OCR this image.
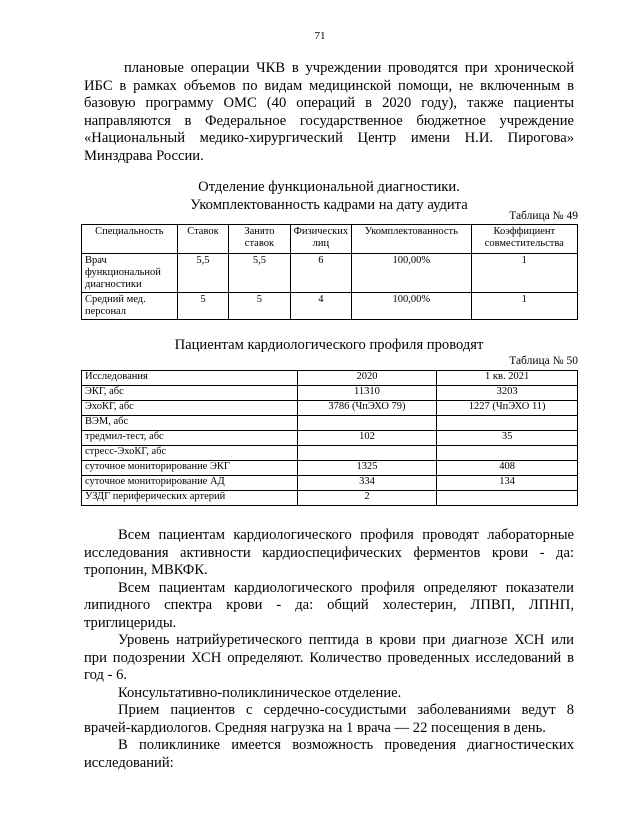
71
плановые операции ЧКВ в учреждении проводятся при хронической ИБС в рамках объемов по видам медицинской помощи, не включенным в базовую программу ОМС (40 операций в 2020 году), также пациенты направляются в Федеральное государственное бюджетное учреждение «Национальный медико-хирургический Центр имени Н.И. Пирогова» Минздрава России.
Отделение функциональной диагностики.
Укомплектованность кадрами на дату аудита
Таблица № 49
Специальность	Ставок	Занято ставок	Физических лиц	Укомплектованность	Коэффициент совместительства
Врач функциональной диагностики	5,5	5,5	6	100,00%	1
Средний мед. персонал	5	5	4	100,00%	1
Пациентам кардиологического профиля проводят
Таблица № 50
Исследования	2020	1 кв. 2021
ЭКГ, абс	11310	3203
ЭхоКГ, абс	3786 (ЧпЭХО 79)	1227 (ЧпЭХО 11)
ВЭМ, абс		
тредмил-тест, абс	102	35
стресс-ЭхоКГ, абс		
суточное мониторирование ЭКГ	1325	408
суточное мониторирование АД	334	134
УЗДГ периферических артерий	2	

Всем пациентам кардиологического профиля проводят лабораторные исследования активности кардиоспецифических ферментов крови - да: тропонин, МВКФК.

Всем пациентам кардиологического профиля определяют показатели липидного спектра крови - да: общий холестерин, ЛПВП, ЛПНП, триглицериды.

Уровень натрийуретического пептида в крови при диагнозе ХСН или при подозрении ХСН определяют. Количество проведенных исследований в год - 6.

Консультативно-поликлиническое отделение.

Прием пациентов с сердечно-сосудистыми заболеваниями ведут 8 врачей-кардиологов. Средняя нагрузка на 1 врача — 22 посещения в день.

В поликлинике имеется возможность проведения диагностических исследований:
